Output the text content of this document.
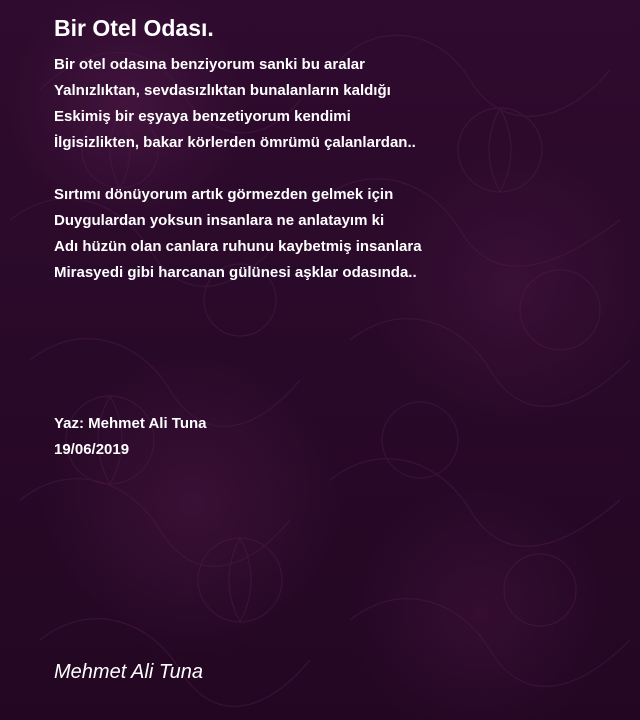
Bir Otel Odası.
Bir otel odasına benziyorum sanki bu aralar
Yalnızlıktan, sevdasızlıktan bunalanların kaldığı
Eskimiş bir eşyaya benzetiyorum kendimi
İlgisizlikten, bakar körlerden ömrümü çalanlardan..
Sırtımı dönüyorum artık görmezden gelmek için
Duygulardan yoksun insanlara ne anlatayım ki
Adı hüzün olan canlara ruhunu kaybetmiş insanlara
Mirasyedi gibi harcanan gülünesi aşklar odasında..
Yaz: Mehmet Ali Tuna
19/06/2019
Mehmet Ali Tuna
